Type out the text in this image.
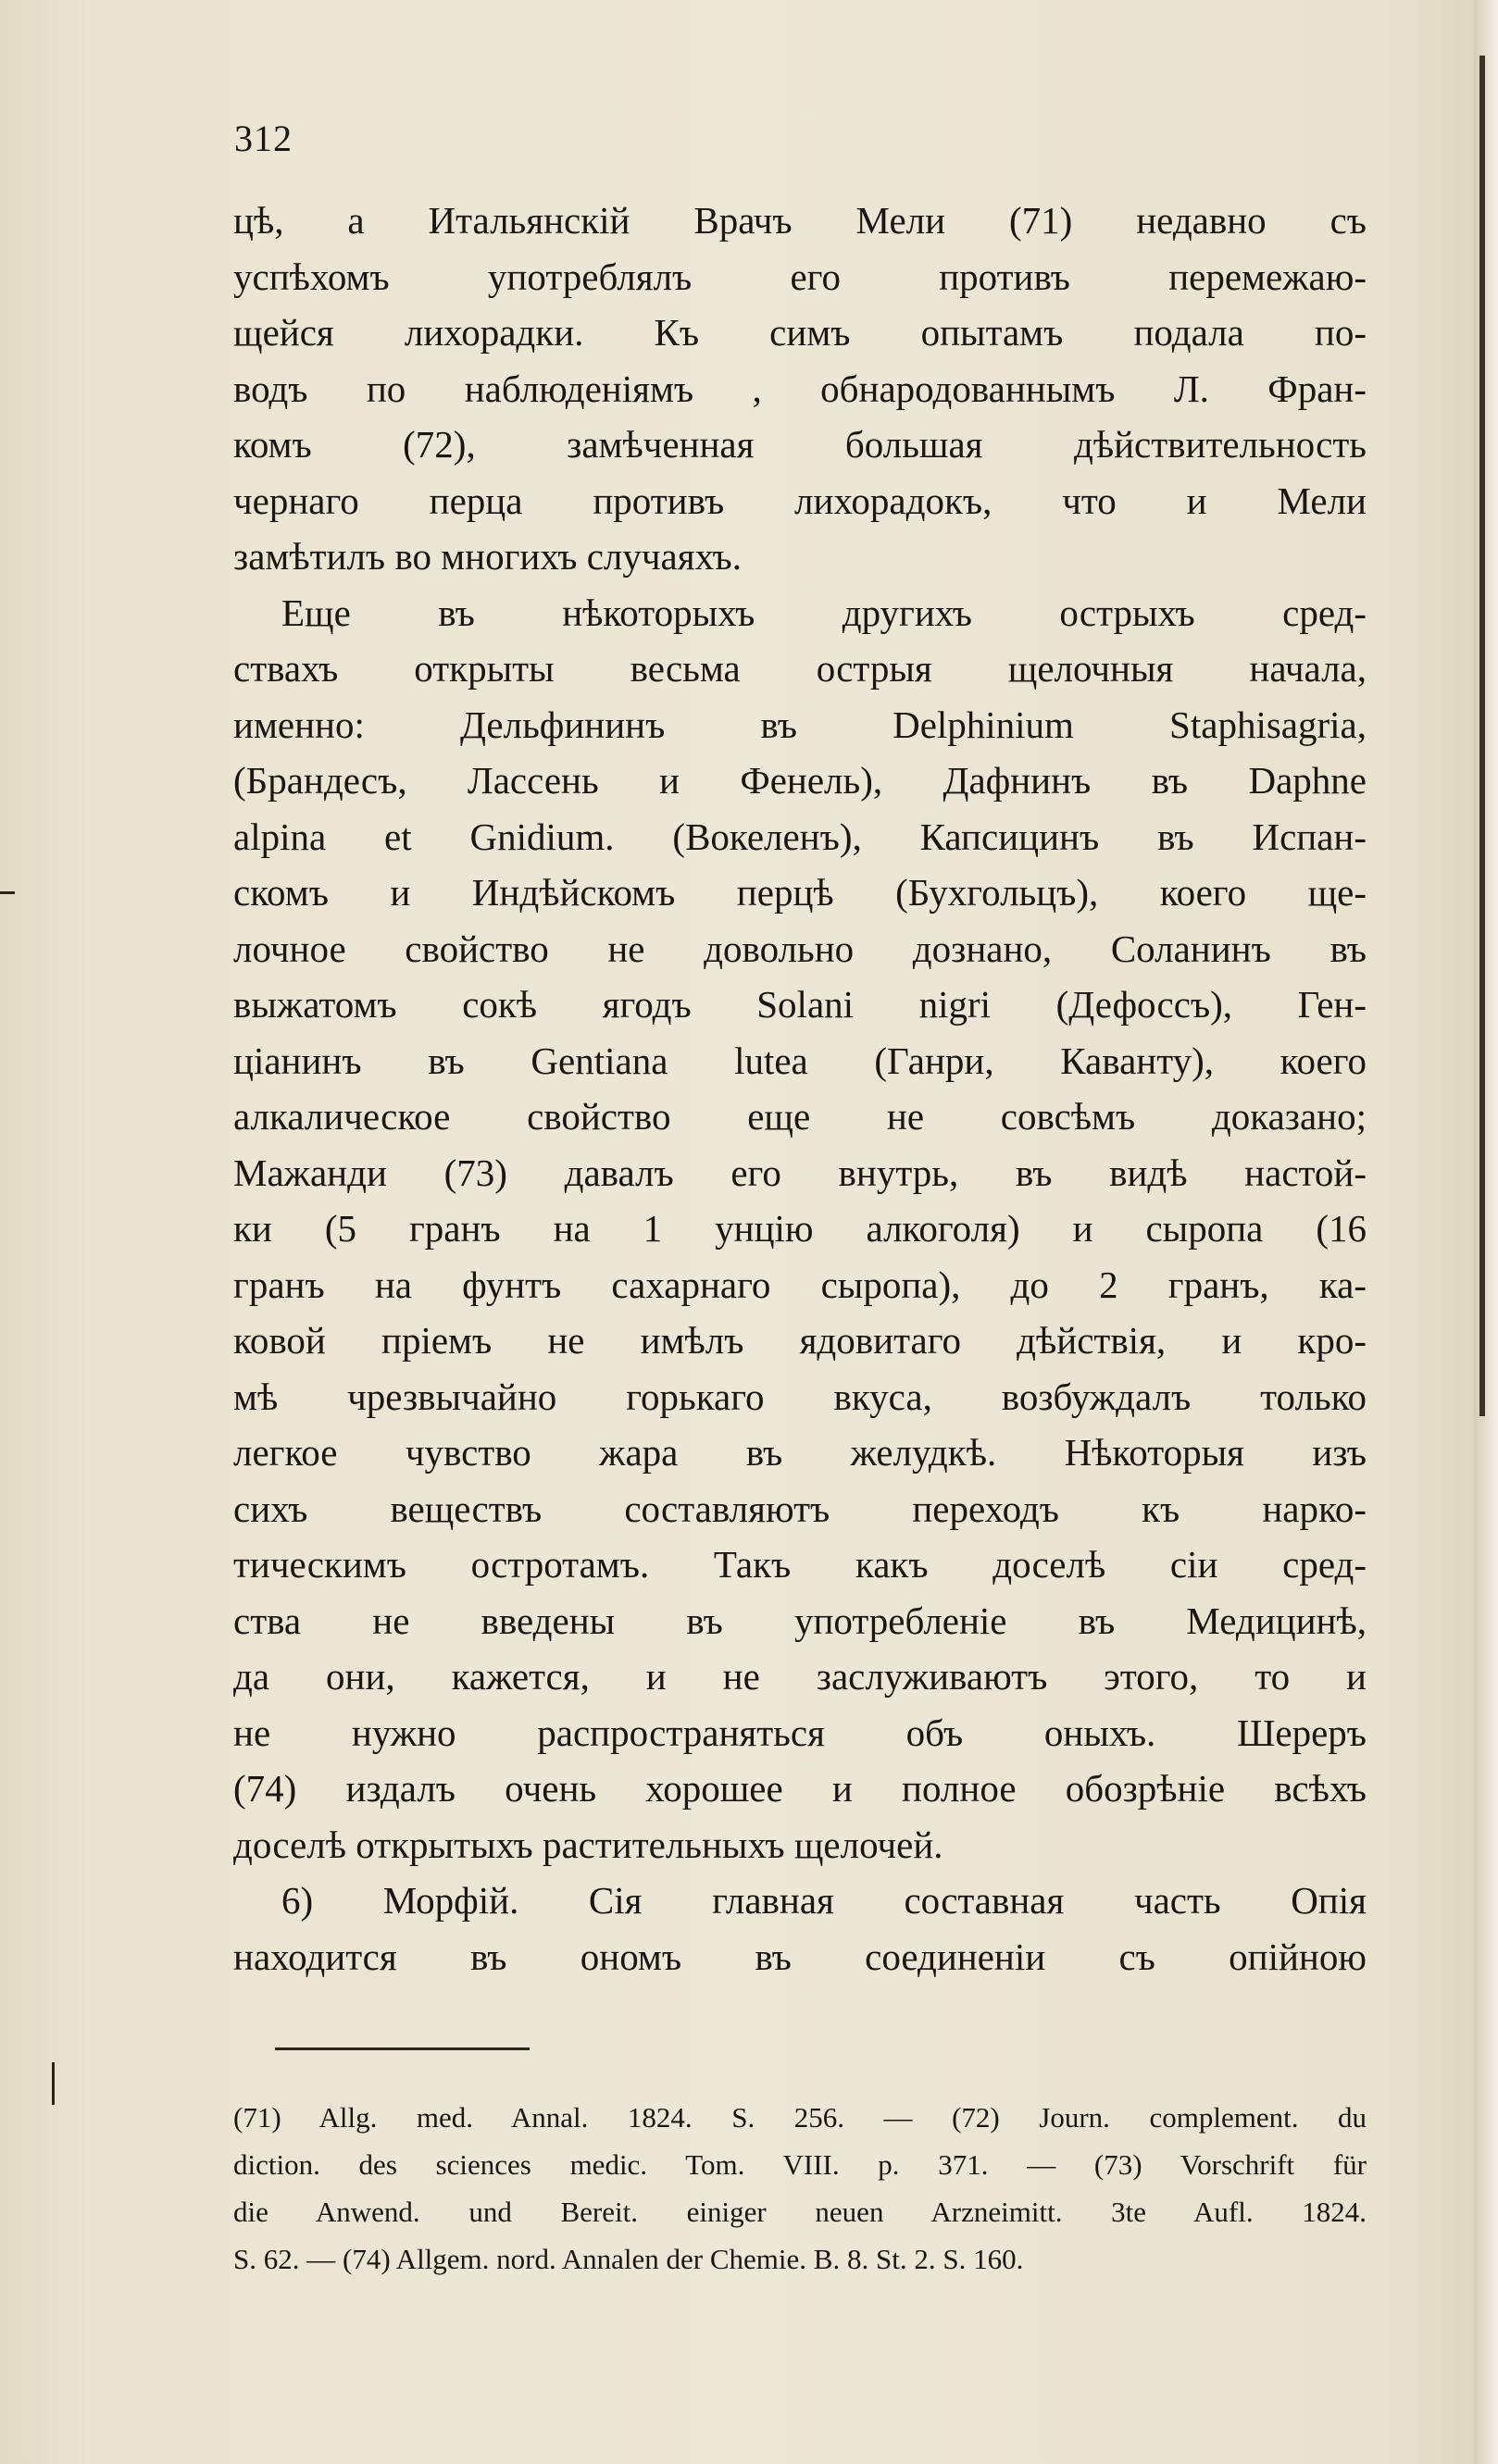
312
цѣ, а Итальянскій Врачъ Мели (71) недавно съ
успѣхомъ употреблялъ его противъ перемежаю-
щейся лихорадки. Къ симъ опытамъ подала по-
водъ по наблюденіямъ , обнародованнымъ Л. Фран-
комъ (72), замѣченная большая дѣйствительность
чернаго перца противъ лихорадокъ, что и Мели
замѣтилъ во многихъ случаяхъ.
Еще въ нѣкоторыхъ другихъ острыхъ сред-
ствахъ открыты весьма острыя щелочныя начала,
именно: Дельфининъ въ Delphinium Staphisagria,
(Брандесъ, Лассень и Фенель), Дафнинъ въ Daphne
alpina et Gnidium. (Вокеленъ), Капсицинъ въ Испан-
скомъ и Индѣйскомъ перцѣ (Бухгольцъ), коего ще-
лочное свойство не довольно дознано, Соланинъ въ
выжатомъ сокѣ ягодъ Solani nigri (Дефоссъ), Ген-
ціанинъ въ Gentiana lutea (Ганри, Каванту), коего
алкалическое свойство еще не совсѣмъ доказано;
Мажанди (73) давалъ его внутрь, въ видѣ настой-
ки (5 гранъ на 1 унцію алкоголя) и сыропа (16
гранъ на фунтъ сахарнаго сыропа), до 2 гранъ, ка-
ковой пріемъ не имѣлъ ядовитаго дѣйствія, и кро-
мѣ чрезвычайно горькаго вкуса, возбуждалъ только
легкое чувство жара въ желудкѣ. Нѣкоторыя изъ
сихъ веществъ составляютъ переходъ къ нарко-
тическимъ остротамъ. Такъ какъ доселѣ сіи сред-
ства не введены въ употребленіе въ Медицинѣ,
да они, кажется, и не заслуживаютъ этого, то и
не нужно распространяться объ оныхъ. Шереръ
(74) издалъ очень хорошее и полное обозрѣніе всѣхъ
доселѣ открытыхъ растительныхъ щелочей.
6) Морфій. Сія главная составная часть Опія
находится въ ономъ въ соединеніи съ опійною
(71) Allg. med. Annal. 1824. S. 256. — (72) Journ. complement. du
diction. des sciences medic. Tom. VIII. p. 371. — (73) Vorschrift für
die Anwend. und Bereit. einiger neuen Arzneimitt. 3te Aufl. 1824.
S. 62. — (74) Allgem. nord. Annalen der Chemie. B. 8. St. 2. S. 160.
